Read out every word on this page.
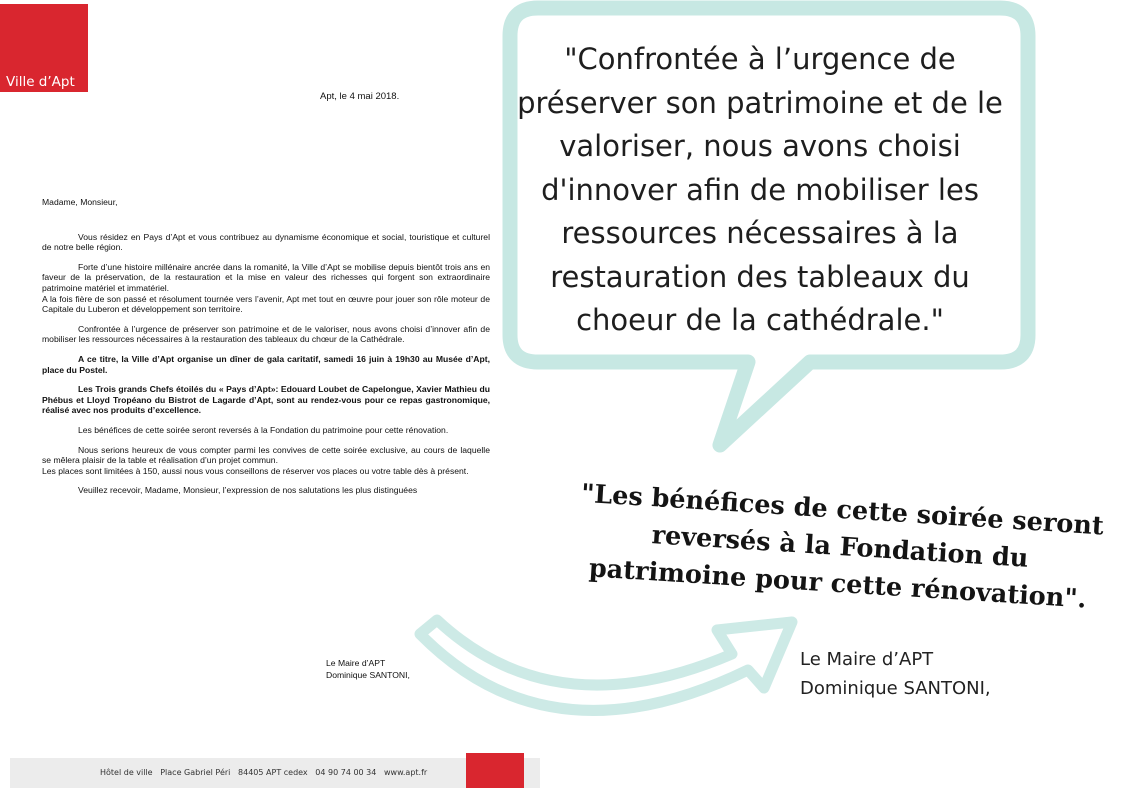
Ville d’Apt
Apt, le 4 mai 2018.

Madame, Monsieur,

Vous résidez en Pays d’Apt et vous contribuez au dynamisme économique et social, touristique et culturel de notre belle région.

Forte d’une histoire millénaire ancrée dans la romanité, la Ville d’Apt se mobilise depuis bientôt trois ans en faveur de la préservation, de la restauration et la mise en valeur des richesses qui forgent son extraordinaire patrimoine matériel et immatériel.

A la fois fière de son passé et résolument tournée vers l’avenir, Apt met tout en œuvre pour jouer son rôle moteur de Capitale du Luberon et développement son territoire.

Confrontée à l’urgence de préserver son patrimoine et de le valoriser, nous avons choisi d’innover afin de mobiliser les ressources nécessaires à la restauration des tableaux du chœur de la Cathédrale.

A ce titre, la Ville d’Apt organise un dîner de gala caritatif, samedi 16 juin à 19h30 au Musée d’Apt, place du Postel.

Les Trois grands Chefs étoilés du « Pays d’Apt»: Edouard Loubet de Capelongue, Xavier Mathieu du Phébus et Lloyd Tropéano du Bistrot de Lagarde d’Apt, sont au rendez-vous pour ce repas gastronomique, réalisé avec nos produits d’excellence.

Les bénéfices de cette soirée seront reversés à la Fondation du patrimoine pour cette rénovation.

Nous serions heureux de vous compter parmi les convives de cette soirée exclusive, au cours de laquelle se mêlera plaisir de la table et réalisation d’un projet commun.

Les places sont limitées à 150, aussi nous vous conseillons de réserver vos places ou votre table dès à présent.

Veuillez recevoir, Madame, Monsieur, l’expression de nos salutations les plus distinguées

Le Maire d’APT
Dominique SANTONI,
Hôtel de ville   Place Gabriel Péri   84405 APT cedex   04 90 74 00 34   www.apt.fr
"Confrontée à l’urgence de préserver son patrimoine et de le valoriser, nous avons choisi d'innover afin de mobiliser les ressources nécessaires à la restauration des tableaux du choeur de la cathédrale."
"Les bénéfices de cette soirée seront reversés à la Fondation du patrimoine pour cette rénovation".
Le Maire d’APT
Dominique SANTONI,
